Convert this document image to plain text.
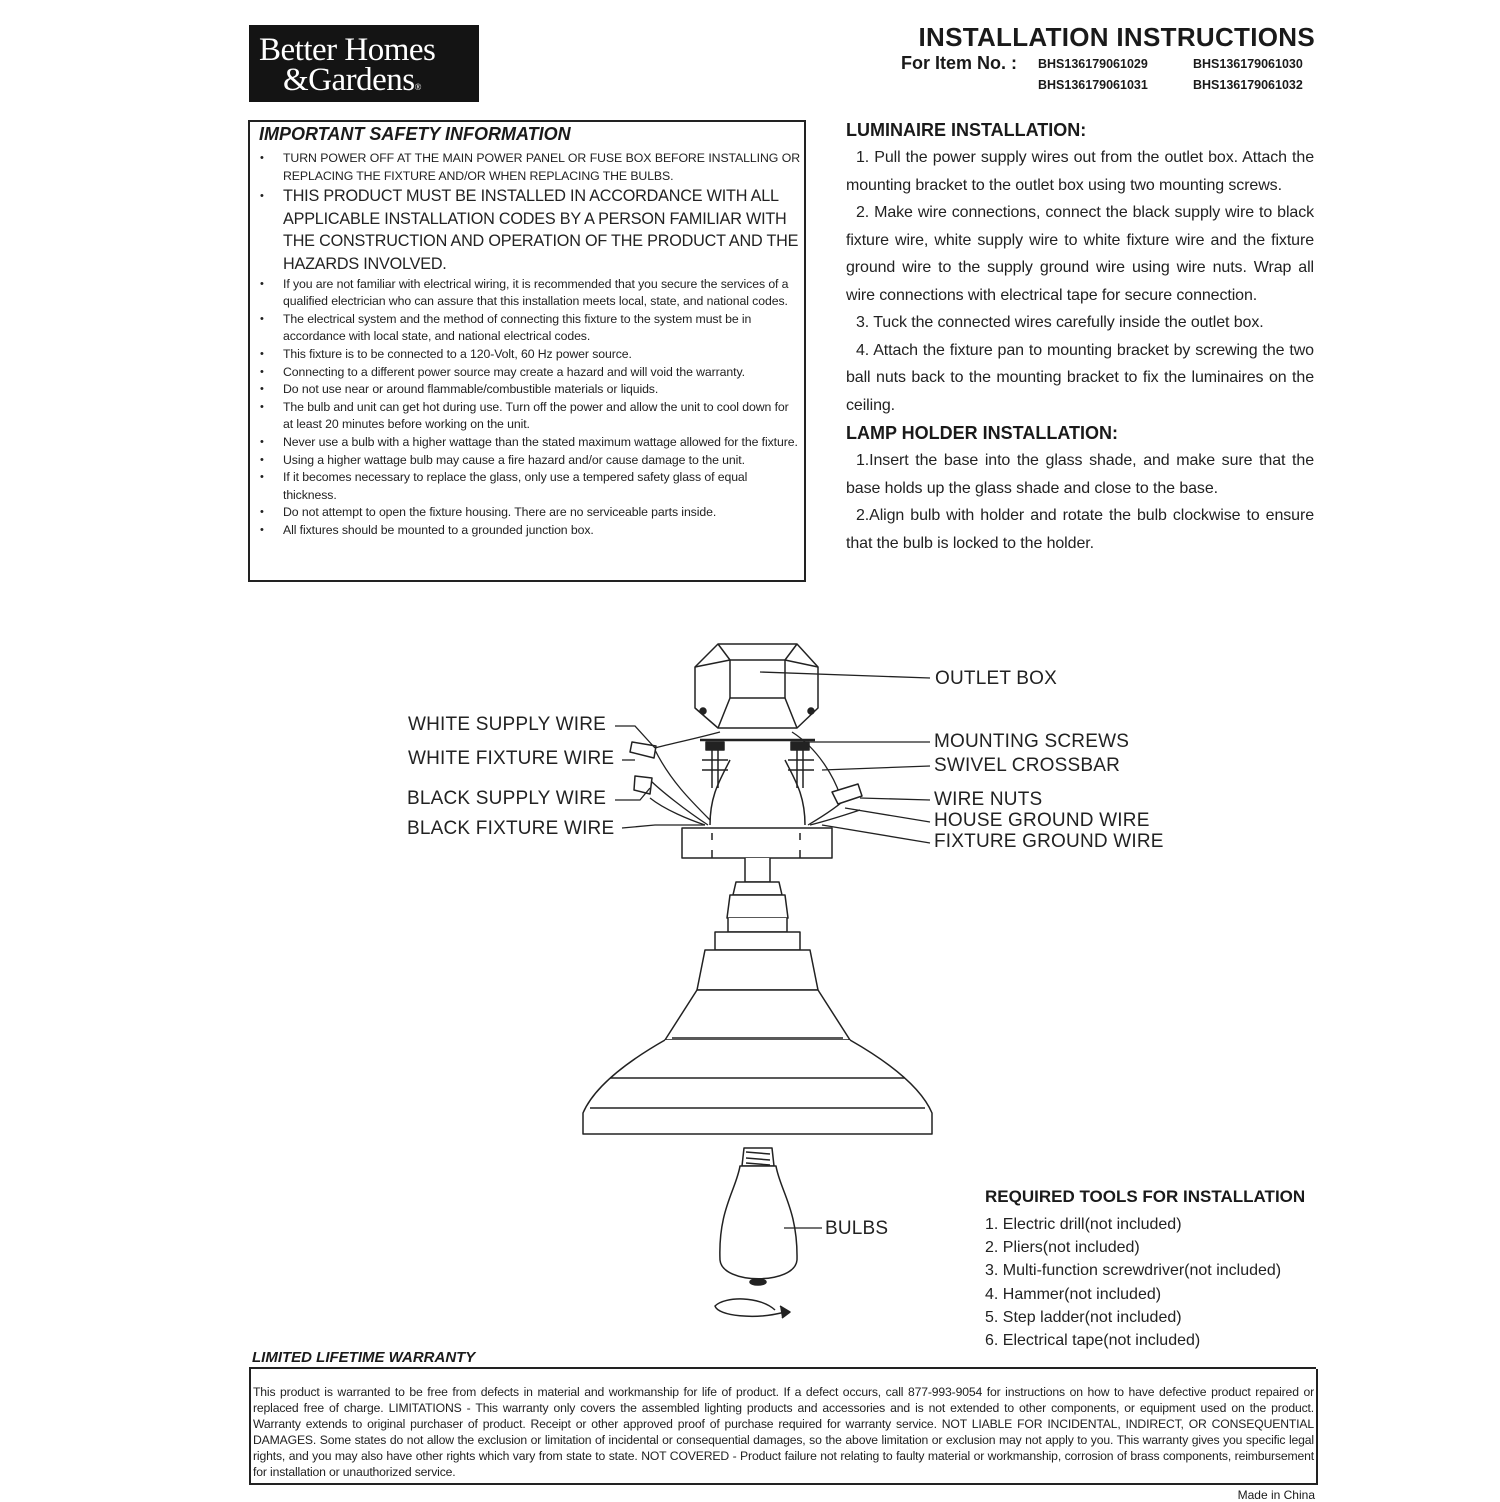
Better Homes
&Gardens®
INSTALLATION INSTRUCTIONS
For Item No. : BHS136179061029	BHS136179061030
BHS136179061031	BHS136179061032
IMPORTANT SAFETY INFORMATION
• TURN POWER OFF AT THE MAIN POWER PANEL OR FUSE BOX BEFORE INSTALLING OR REPLACING THE FIXTURE AND/OR WHEN REPLACING THE BULBS.
• THIS PRODUCT MUST BE INSTALLED IN ACCORDANCE WITH ALL APPLICABLE INSTALLATION CODES BY A PERSON FAMILIAR WITH THE CONSTRUCTION AND OPERATION OF THE PRODUCT AND THE HAZARDS INVOLVED.
• If you are not familiar with electrical wiring, it is recommended that you secure the services of a qualified electrician who can assure that this installation meets local, state, and national codes.
• The electrical system and the method of connecting this fixture to the system must be in accordance with local state, and national electrical codes.
• This fixture is to be connected to a 120-Volt, 60 Hz power source.
• Connecting to a different power source may create a hazard and will void the warranty.
• Do not use near or around flammable/combustible materials or liquids.
• The bulb and unit can get hot during use. Turn off the power and allow the unit to cool down for at least 20 minutes before working on the unit.
• Never use a bulb with a higher wattage than the stated maximum wattage allowed for the fixture.
• Using a higher wattage bulb may cause a fire hazard and/or cause damage to the unit.
• If it becomes necessary to replace the glass, only use a tempered safety glass of equal thickness.
• Do not attempt to open the fixture housing. There are no serviceable parts inside.
• All fixtures should be mounted to a grounded junction box.
LUMINAIRE INSTALLATION:

1. Pull the power supply wires out from the outlet box. Attach the mounting bracket to the outlet box using two mounting screws.

2. Make wire connections, connect the black supply wire to black fixture wire, white supply wire to white fixture wire and the fixture ground wire to the supply ground wire using wire nuts. Wrap all wire connections with electrical tape for secure connection.

3. Tuck the connected wires carefully inside the outlet box.

4. Attach the fixture pan to mounting bracket by screwing the two ball nuts back to the mounting bracket to fix the luminaires on the ceiling.

LAMP HOLDER INSTALLATION:

1.Insert the base into the glass shade, and make sure that the base holds up the glass shade and close to the base.

2.Align bulb with holder and rotate the bulb clockwise to ensure that the bulb is locked to the holder.

OUTLET BOX
WHITE SUPPLY WIRE
WHITE FIXTURE WIRE
BLACK SUPPLY WIRE
BLACK FIXTURE WIRE
MOUNTING SCREWS
SWIVEL CROSSBAR
WIRE NUTS
HOUSE GROUND WIRE
FIXTURE GROUND WIRE
BULBS
REQUIRED TOOLS FOR INSTALLATION
1. Electric drill(not included)
2. Pliers(not included)
3. Multi-function screwdriver(not included)
4. Hammer(not included)
5. Step ladder(not included)
6. Electrical tape(not included)
LIMITED LIFETIME WARRANTY
This product is warranted to be free from defects in material and workmanship for life of product. If a defect occurs, call 877-993-9054 for instructions on how to have defective product repaired or replaced free of charge. LIMITATIONS - This warranty only covers the assembled lighting products and accessories and is not extended to other components, or equipment used on the product. Warranty extends to original purchaser of product. Receipt or other approved proof of purchase required for warranty service. NOT LIABLE FOR INCIDENTAL, INDIRECT, OR CONSEQUENTIAL DAMAGES. Some states do not allow the exclusion or limitation of incidental or consequential damages, so the above limitation or exclusion may not apply to you. This warranty gives you specific legal rights, and you may also have other rights which vary from state to state. NOT COVERED - Product failure not relating to faulty material or workmanship, corrosion of brass components, reimbursement for installation or unauthorized service.
Made in China
